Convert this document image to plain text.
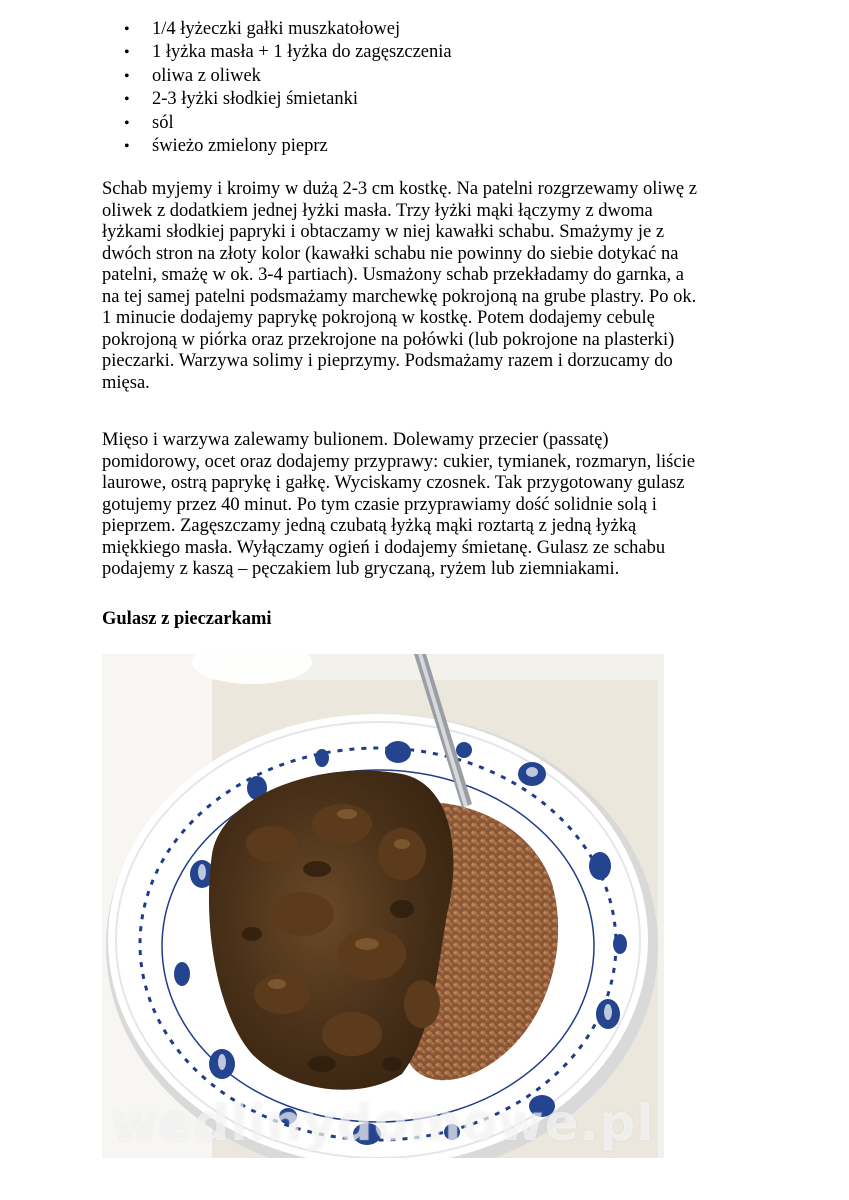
• 1/4 łyżeczki gałki muszkatołowej
• 1 łyżka masła + 1 łyżka do zagęszczenia
• oliwa z oliwek
• 2-3 łyżki słodkiej śmietanki
• sól
• świeżo zmielony pieprz

Schab myjemy i kroimy w dużą 2-3 cm kostkę. Na patelni rozgrzewamy oliwę z
oliwek z dodatkiem jednej łyżki masła. Trzy łyżki mąki łączymy z dwoma
łyżkami słodkiej papryki i obtaczamy w niej kawałki schabu. Smażymy je z
dwóch stron na złoty kolor (kawałki schabu nie powinny do siebie dotykać na
patelni, smażę w ok. 3-4 partiach). Usmażony schab przekładamy do garnka, a
na tej samej patelni podsmażamy marchewkę pokrojoną na grube plastry. Po ok.
1 minucie dodajemy paprykę pokrojoną w kostkę. Potem dodajemy cebulę
pokrojoną w piórka oraz przekrojone na połówki (lub pokrojone na plasterki)
pieczarki. Warzywa solimy i pieprzymy. Podsmażamy razem i dorzucamy do
mięsa.

Mięso i warzywa zalewamy bulionem. Dolewamy przecier (passatę)
pomidorowy, ocet oraz dodajemy przyprawy: cukier, tymianek, rozmaryn, liście
laurowe, ostrą paprykę i gałkę. Wyciskamy czosnek. Tak przygotowany gulasz
gotujemy przez 40 minut. Po tym czasie przyprawiamy dość solidnie solą i
pieprzem. Zagęszczamy jedną czubatą łyżką mąki roztartą z jedną łyżką
miękkiego masła. Wyłączamy ogień i dodajemy śmietanę. Gulasz ze schabu
podajemy z kaszą – pęczakiem lub gryczaną, ryżem lub ziemniakami.

Gulasz z pieczarkami
wedlinydomowe.pl
